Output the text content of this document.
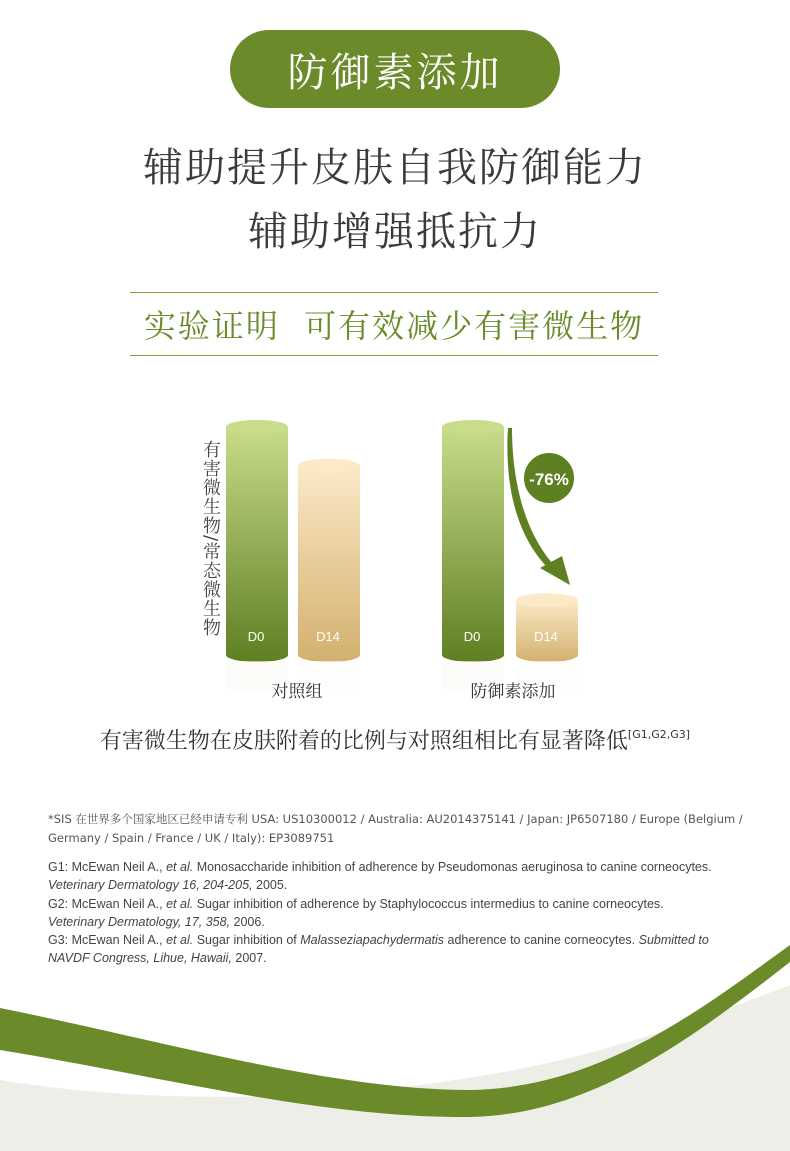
防御素添加
辅助提升皮肤自我防御能力
辅助增强抵抗力
实验证明  可有效减少有害微生物
有害微生物/常态微生物 D0	D14	D0	D14
对照组	防御素添加
-76%
有害微生物在皮肤附着的比例与对照组相比有显著降低[G1,G2,G3]
*SIS 在世界多个国家地区已经申请专利 USA: US10300012 / Australia: AU2014375141 / Japan: JP6507180 / Europe (Belgium / Germany / Spain / France / UK / Italy): EP3089751
G1: McEwan Neil A., et al. Monosaccharide inhibition of adherence by Pseudomonas aeruginosa to canine corneocytes.
Veterinary Dermatology 16, 204-205, 2005.
G2: McEwan Neil A., et al. Sugar inhibition of adherence by Staphylococcus intermedius to canine corneocytes.
Veterinary Dermatology, 17, 358, 2006.
G3: McEwan Neil A., et al. Sugar inhibition of Malasseziapachydermatis adherence to canine corneocytes. Submitted to
NAVDF Congress, Lihue, Hawaii, 2007.
